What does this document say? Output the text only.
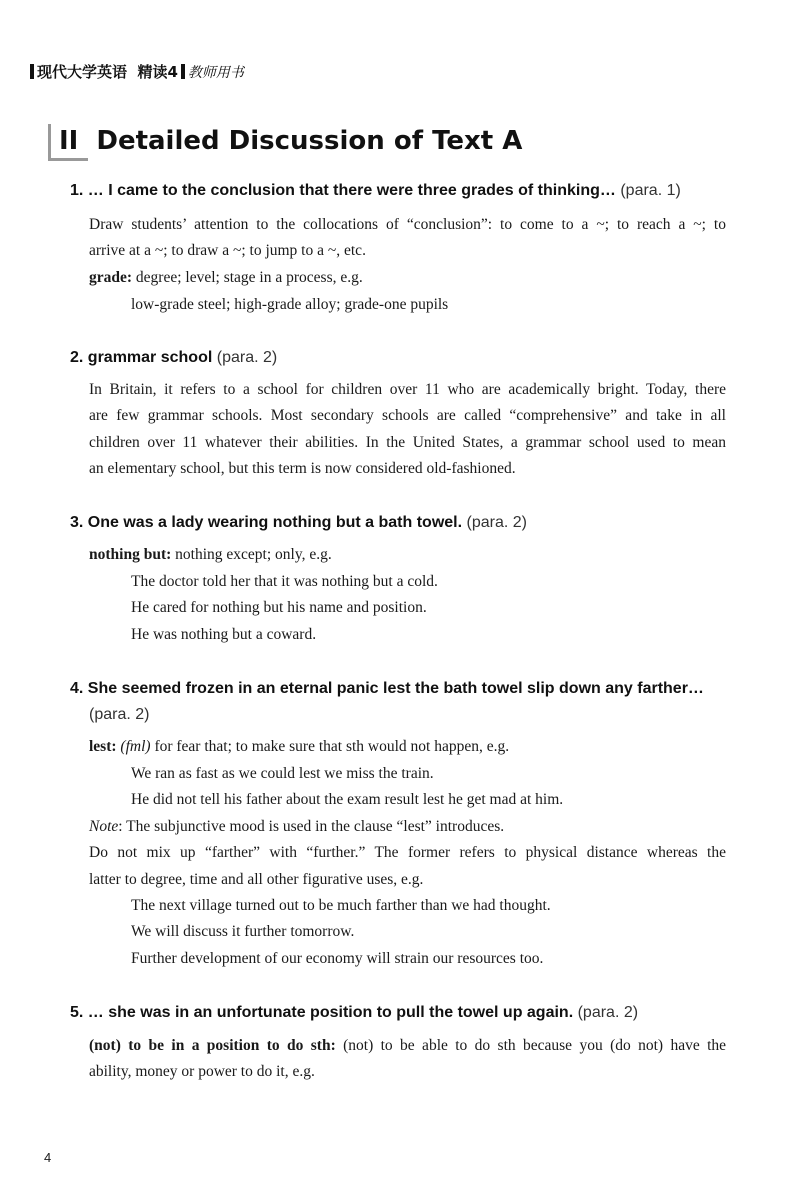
现代大学英语 精读4 教师用书
II Detailed Discussion of Text A
1. … I came to the conclusion that there were three grades of thinking… (para. 1)
Draw students’ attention to the collocations of “conclusion”: to come to a ~; to reach a ~; to
arrive at a ~; to draw a ~; to jump to a ~, etc.
grade: degree; level; stage in a process, e.g.
low-grade steel; high-grade alloy; grade-one pupils
2. grammar school (para. 2)
In Britain, it refers to a school for children over 11 who are academically bright. Today, there
are few grammar schools. Most secondary schools are called “comprehensive” and take in all
children over 11 whatever their abilities. In the United States, a grammar school used to mean
an elementary school, but this term is now considered old-fashioned.
3. One was a lady wearing nothing but a bath towel. (para. 2)
nothing but: nothing except; only, e.g.
The doctor told her that it was nothing but a cold.
He cared for nothing but his name and position.
He was nothing but a coward.
4. She seemed frozen in an eternal panic lest the bath towel slip down any farther…
(para. 2)
lest: (fml) for fear that; to make sure that sth would not happen, e.g.
We ran as fast as we could lest we miss the train.
He did not tell his father about the exam result lest he get mad at him.
Note: The subjunctive mood is used in the clause “lest” introduces.
Do not mix up “farther” with “further.” The former refers to physical distance whereas the
latter to degree, time and all other figurative uses, e.g.
The next village turned out to be much farther than we had thought.
We will discuss it further tomorrow.
Further development of our economy will strain our resources too.
5. … she was in an unfortunate position to pull the towel up again. (para. 2)
(not) to be in a position to do sth: (not) to be able to do sth because you (do not) have the
ability, money or power to do it, e.g.
4
